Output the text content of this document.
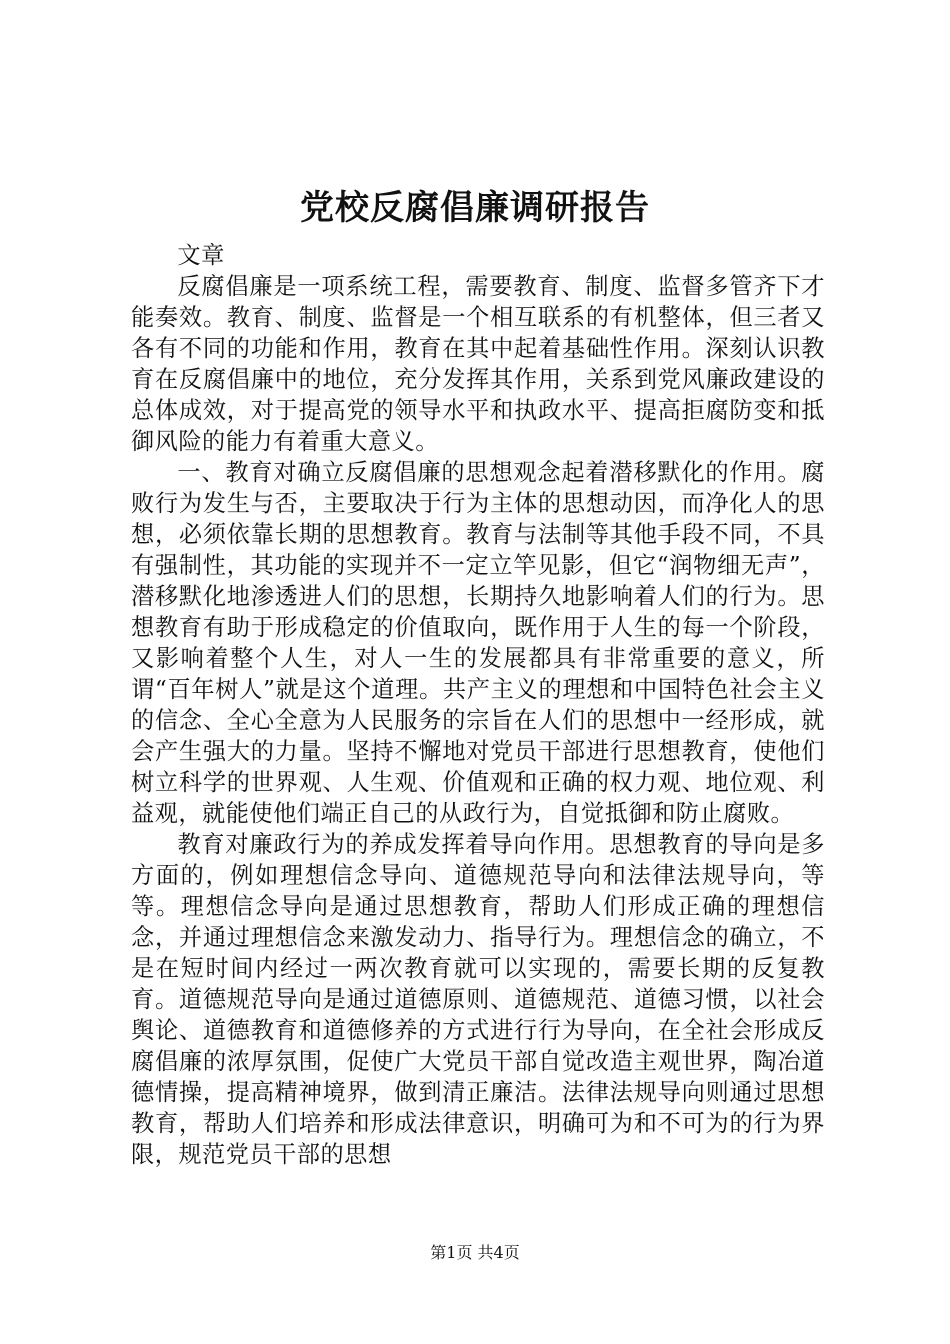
党校反腐倡廉调研报告

文章

反腐倡廉是一项系统工程，需要教育、制度、监督多管齐下才能奏效。教育、制度、监督是一个相互联系的有机整体，但三者又各有不同的功能和作用，教育在其中起着基础性作用。深刻认识教育在反腐倡廉中的地位，充分发挥其作用，关系到党风廉政建设的总体成效，对于提高党的领导水平和执政水平、提高拒腐防变和抵御风险的能力有着重大意义。

一、教育对确立反腐倡廉的思想观念起着潜移默化的作用。腐败行为发生与否，主要取决于行为主体的思想动因，而净化人的思想，必须依靠长期的思想教育。教育与法制等其他手段不同，不具有强制性，其功能的实现并不一定立竿见影，但它“润物细无声”，潜移默化地渗透进人们的思想，长期持久地影响着人们的行为。思想教育有助于形成稳定的价值取向，既作用于人生的每一个阶段，又影响着整个人生，对人一生的发展都具有非常重要的意义，所谓“百年树人”就是这个道理。共产主义的理想和中国特色社会主义的信念、全心全意为人民服务的宗旨在人们的思想中一经形成，就会产生强大的力量。坚持不懈地对党员干部进行思想教育，使他们树立科学的世界观、人生观、价值观和正确的权力观、地位观、利益观，就能使他们端正自己的从政行为，自觉抵御和防止腐败。

教育对廉政行为的养成发挥着导向作用。思想教育的导向是多方面的，例如理想信念导向、道德规范导向和法律法规导向，等等。理想信念导向是通过思想教育，帮助人们形成正确的理想信念，并通过理想信念来激发动力、指导行为。理想信念的确立，不是在短时间内经过一两次教育就可以实现的，需要长期的反复教育。道德规范导向是通过道德原则、道德规范、道德习惯，以社会舆论、道德教育和道德修养的方式进行行为导向，在全社会形成反腐倡廉的浓厚氛围，促使广大党员干部自觉改造主观世界，陶冶道德情操，提高精神境界，做到清正廉洁。法律法规导向则通过思想教育，帮助人们培养和形成法律意识，明确可为和不可为的行为界限，规范党员干部的思想

第1页 共4页
